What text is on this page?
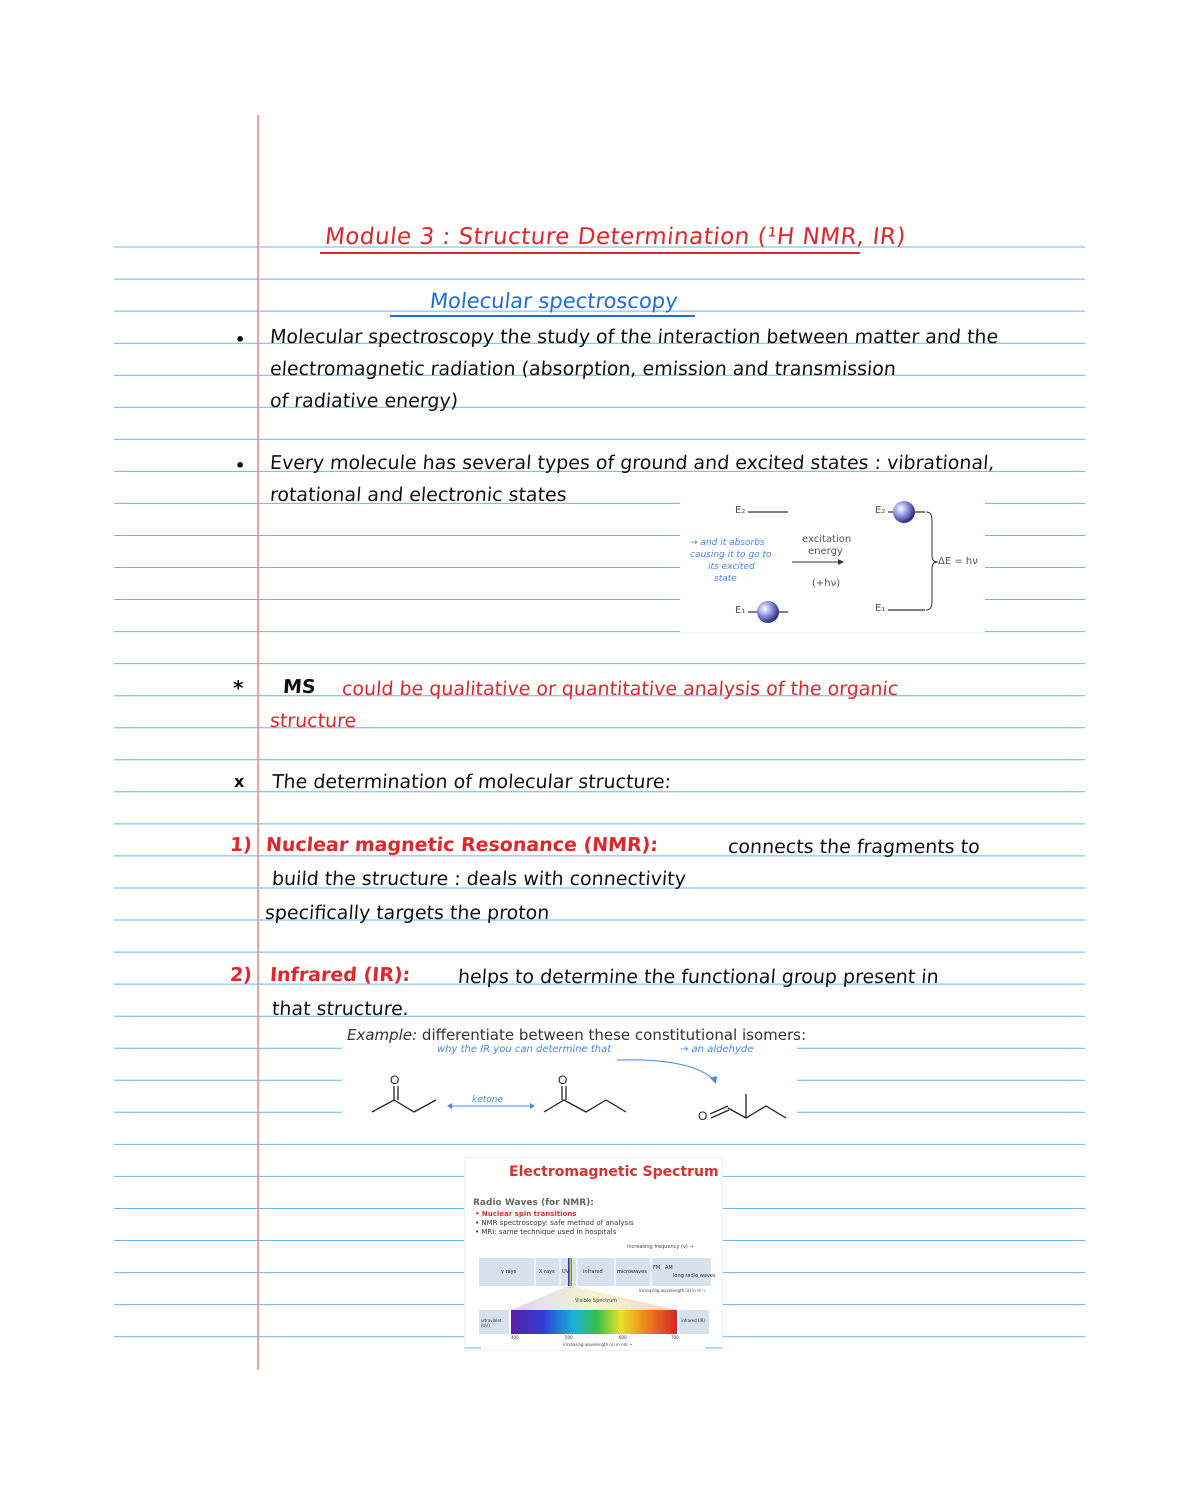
Module 3 : Structure Determination (¹H NMR, IR)
Molecular spectroscopy
• Molecular spectroscopy the study of the interaction between matter and the
electromagnetic radiation (absorption, emission and transmission
of radiative energy)
• Every molecule has several types of ground and excited states : vibrational,
rotational and electronic states
E₂
E₁
E₂
E₁
excitation
energy
(+hν)
ΔE = hν
→ and it absorbs
causing it to go to
its excited
state
* MS could be qualitative or quantitative analysis of the organic
structure
x The determination of molecular structure:
1) Nuclear magnetic Resonance (NMR):	connects the fragments to
build the structure : deals with connectivity
specifically targets the proton
2) Infrared (IR): helps to determine the functional group present in
that structure.
Example: differentiate between these constitutional isomers:
why the IR you can determine that	→ an aldehyde
O
ketone
O
O
Electromagnetic Spectrum
Radio Waves (for NMR):
• Nuclear spin transitions
• NMR spectroscopy: safe method of analysis
• MRI: same technique used in hospitals
increasing frequency (ν) →
γ rays	X rays UV	infrared	microwaves
FM AM
long radio waves
increasing wavelength (λ) in m →
Visible Spectrum
ultraviolet (UV)
infrared (IR)
400	500	600	700
increasing wavelength (λ) in nm →
